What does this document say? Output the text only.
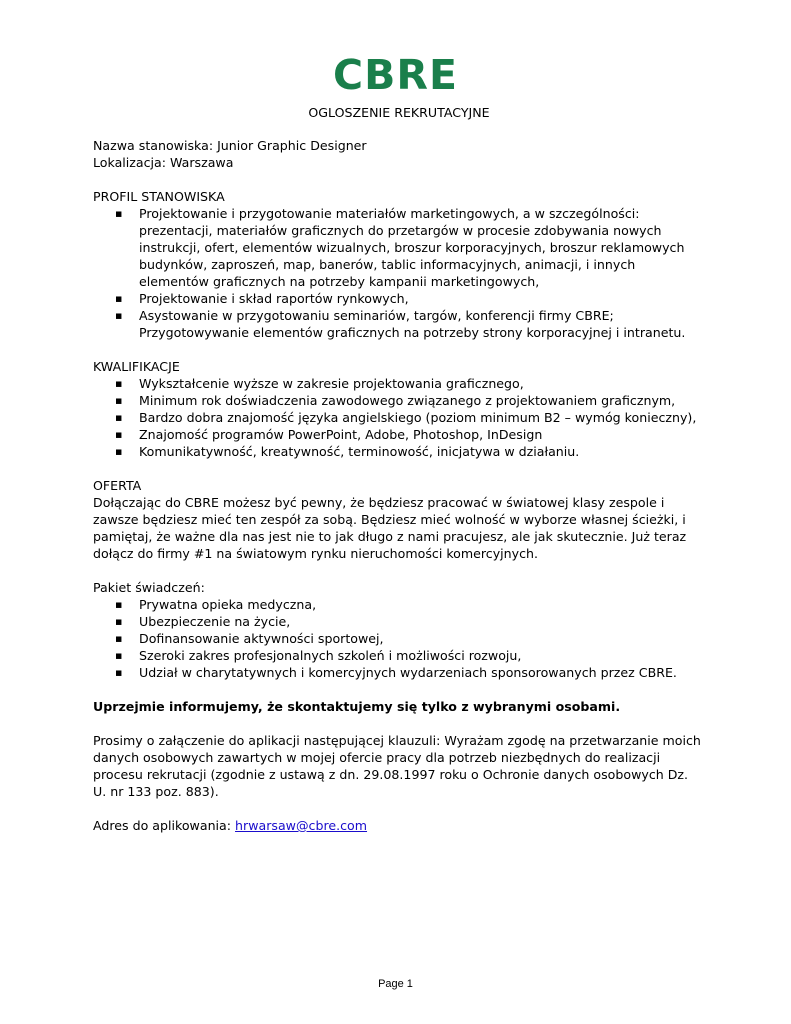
CBRE

OGLOSZENIE REKRUTACYJNE

Nazwa stanowiska: Junior Graphic Designer

Lokalizacja: Warszawa

PROFIL STANOWISKA

▪ Projektowanie i przygotowanie materiałów marketingowych, a w szczególności: prezentacji, materiałów graficznych do przetargów w procesie zdobywania nowych instrukcji, ofert, elementów wizualnych, broszur korporacyjnych, broszur reklamowych budynków, zaproszeń, map, banerów, tablic informacyjnych, animacji, i innych elementów graficznych na potrzeby kampanii marketingowych,
▪ Projektowanie i skład raportów rynkowych,
▪ Asystowanie w przygotowaniu seminariów, targów, konferencji firmy CBRE; Przygotowywanie elementów graficznych na potrzeby strony korporacyjnej i intranetu.

KWALIFIKACJE

▪ Wykształcenie wyższe w zakresie projektowania graficznego,
▪ Minimum rok doświadczenia zawodowego związanego z projektowaniem graficznym,
▪ Bardzo dobra znajomość języka angielskiego (poziom minimum B2 – wymóg konieczny),
▪ Znajomość programów PowerPoint, Adobe, Photoshop, InDesign
▪ Komunikatywność, kreatywność, terminowość, inicjatywa w działaniu.

OFERTA

Dołączając do CBRE możesz być pewny, że będziesz pracować w światowej klasy zespole i zawsze będziesz mieć ten zespół za sobą. Będziesz mieć wolność w wyborze własnej ścieżki, i pamiętaj, że ważne dla nas jest nie to jak długo z nami pracujesz, ale jak skutecznie. Już teraz dołącz do firmy #1 na światowym rynku nieruchomości komercyjnych.

Pakiet świadczeń:

▪ Prywatna opieka medyczna,
▪ Ubezpieczenie na życie,
▪ Dofinansowanie aktywności sportowej,
▪ Szeroki zakres profesjonalnych szkoleń i możliwości rozwoju,
▪ Udział w charytatywnych i komercyjnych wydarzeniach sponsorowanych przez CBRE.

Uprzejmie informujemy, że skontaktujemy się tylko z wybranymi osobami.

Prosimy o załączenie do aplikacji następującej klauzuli: Wyrażam zgodę na przetwarzanie moich danych osobowych zawartych w mojej ofercie pracy dla potrzeb niezbędnych do realizacji procesu rekrutacji (zgodnie z ustawą z dn. 29.08.1997 roku o Ochronie danych osobowych Dz. U. nr 133 poz. 883).

Adres do aplikowania: hrwarsaw@cbre.com

Page 1
